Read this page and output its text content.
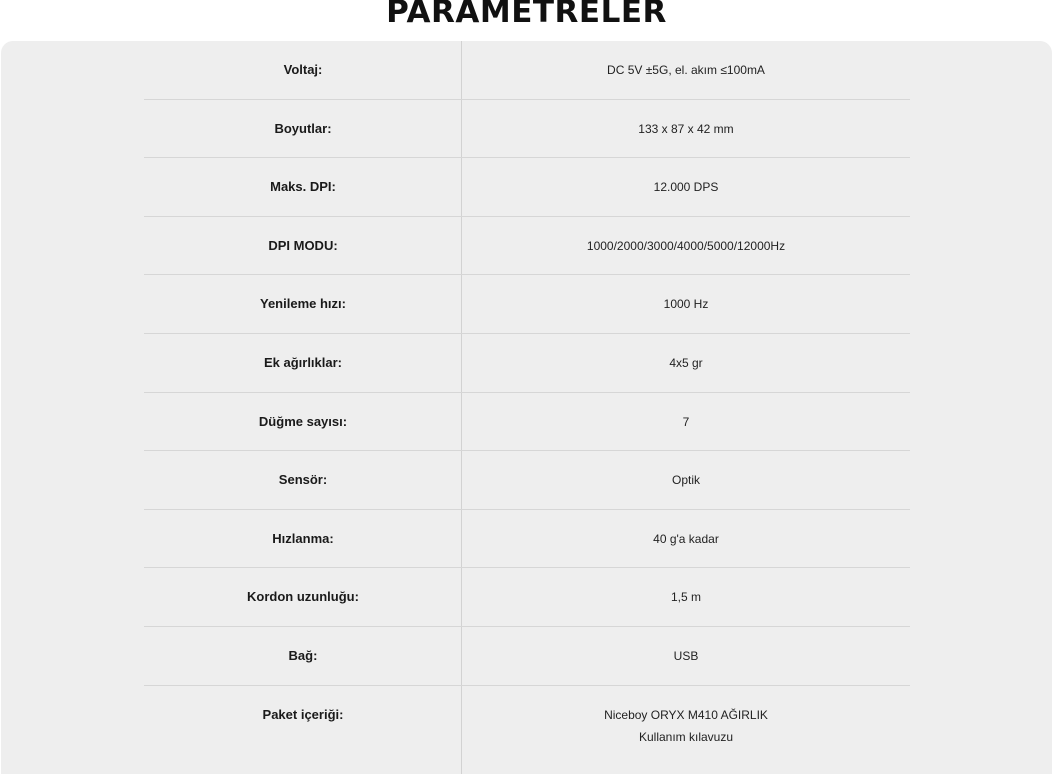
PARAMETRELER
Voltaj:	DC 5V ±5G, el. akım ≤100mA
Boyutlar:	133 x 87 x 42 mm
Maks. DPI:	12.000 DPS
DPI MODU:	1000/2000/3000/4000/5000/12000Hz
Yenileme hızı:	1000 Hz
Ek ağırlıklar:	4x5 gr
Düğme sayısı:	7
Sensör:	Optik
Hızlanma:	40 g'a kadar
Kordon uzunluğu:	1,5 m
Bağ:	USB
Paket içeriği:	Niceboy ORYX M410 AĞIRLIK
Kullanım kılavuzu
